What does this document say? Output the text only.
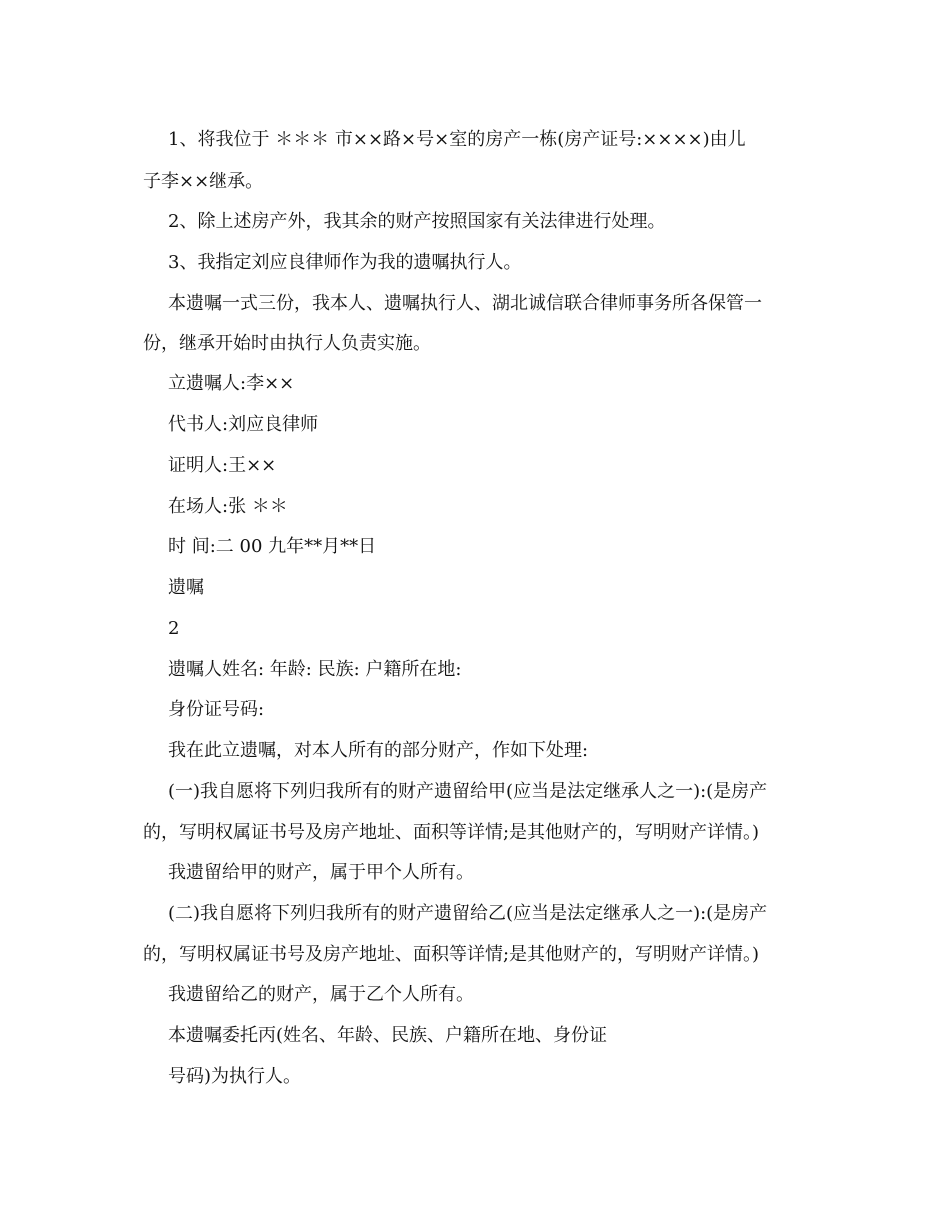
1、将我位于 ＊＊＊ 市××路×号×室的房产一栋(房产证号:××××)由儿
子李××继承。
2、除上述房产外，我其余的财产按照国家有关法律进行处理。
3、我指定刘应良律师作为我的遗嘱执行人。
本遗嘱一式三份，我本人、遗嘱执行人、湖北诚信联合律师事务所各保管一
份，继承开始时由执行人负责实施。
立遗嘱人:李××
代书人:刘应良律师
证明人:王××
在场人:张 ＊＊
时 间:二 00 九年**月**日
遗嘱
2
遗嘱人姓名: 年龄: 民族: 户籍所在地:
身份证号码:
我在此立遗嘱，对本人所有的部分财产，作如下处理:
(一)我自愿将下列归我所有的财产遗留给甲(应当是法定继承人之一):(是房产
的，写明权属证书号及房产地址、面积等详情;是其他财产的，写明财产详情。)
我遗留给甲的财产，属于甲个人所有。
(二)我自愿将下列归我所有的财产遗留给乙(应当是法定继承人之一):(是房产
的，写明权属证书号及房产地址、面积等详情;是其他财产的，写明财产详情。)
我遗留给乙的财产，属于乙个人所有。
本遗嘱委托丙(姓名、年龄、民族、户籍所在地、身份证
号码)为执行人。
